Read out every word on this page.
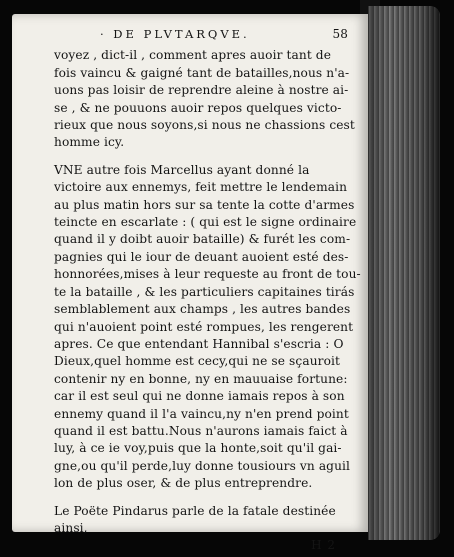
· DE PLVTARQVE.	58
voyez , dict-il , comment apres auoir tant de
fois vaincu & gaigné tant de batailles,nous n'a-
uons pas loisir de reprendre aleine à nostre ai-
se , & ne pouuons auoir repos quelques victo-
rieux que nous soyons,si nous ne chassions cest
homme icy.
VNE autre fois Marcellus ayant donné la
victoire aux ennemys, feit mettre le lendemain
au plus matin hors sur sa tente la cotte d'armes
teincte en escarlate : ( qui est le signe ordinaire
quand il y doibt auoir bataille) & furét les com-
pagnies qui le iour de deuant auoient esté des-
honnorées,mises à leur requeste au front de tou-
te la bataille , & les particuliers capitaines tirás
semblablement aux champs , les autres bandes
qui n'auoient point esté rompues, les rengerent
apres. Ce que entendant Hannibal s'escria : O
Dieux,quel homme est cecy,qui ne se sçauroit
contenir ny en bonne, ny en mauuaise fortune:
car il est seul qui ne donne iamais repos à son
ennemy quand il l'a vaincu,ny n'en prend point
quand il est battu.Nous n'aurons iamais faict à
luy, à ce ie voy,puis que la honte,soit qu'il gai-
gne,ou qu'il perde,luy donne tousiours vn aguil
lon de plus oser, & de plus entreprendre.
Le Poëte Pindarus parle de la fatale destinée
ainsi,
H 2
